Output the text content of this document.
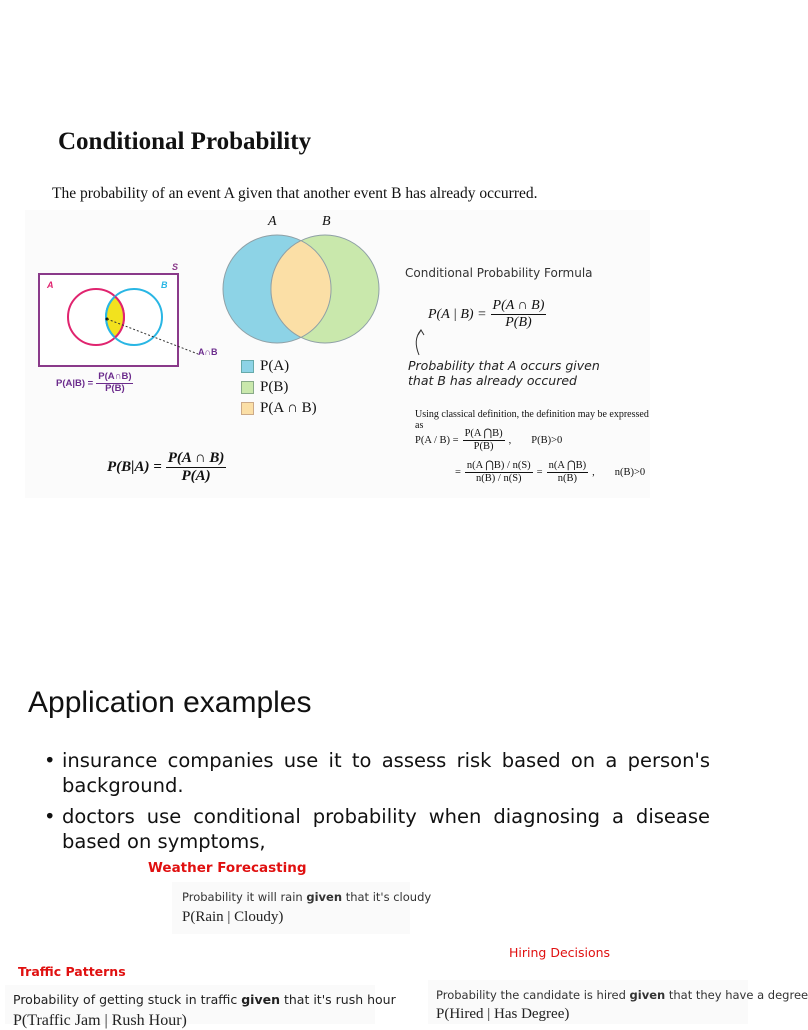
Conditional Probability
The probability of an event A given that another event B has already occurred.
A	B
S
A∩B
$P(A|B) = \frac{P(A\cap B)}{P(B)}$
A	B
P(A)
P(B)
P(A ∩ B)
$P(B|A) = \frac{P(A \cap B)}{P(A)}$
Conditional Probability Formula
P(A | $B) = \frac{P(A \cap B)}{P(B)}$
Probability that A occurs given
that B has already occured
Using classical definition, the definition may be expressed as
$P(A / B) = \frac{P(A ⋂B)}{P(B)}$ , P(B)>0
= $\frac{n(A ⋂B) / n(S)}{n(B) / n(S)} = \frac{n(A ⋂B)}{n(B)}$ , n(B)>0
Application examples
• insurance companies use it to assess risk based on a person's background.
• doctors use conditional probability when diagnosing a disease based on symptoms,
Weather Forecasting
Probability it will rain given that it's cloudy
P(Rain | Cloudy)
Hiring Decisions
Probability the candidate is hired given that they have a degree
P(Hired | Has Degree)
Traffic Patterns
Probability of getting stuck in traffic given that it's rush hour
P(Traffic Jam | Rush Hour)
